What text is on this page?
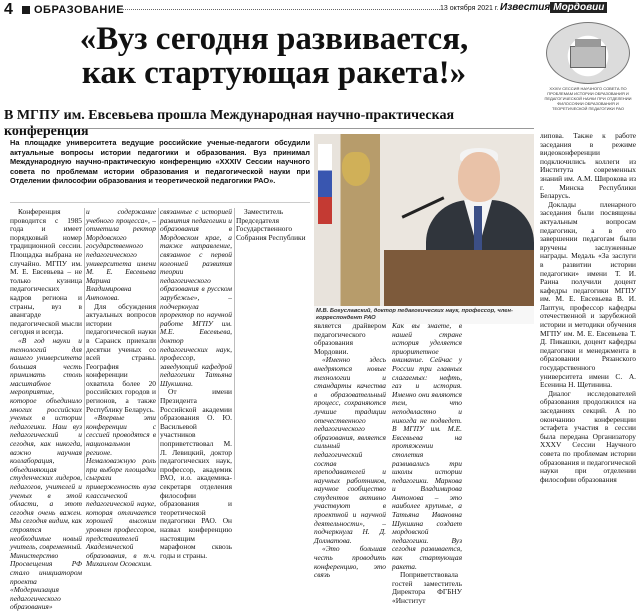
4 ОБРАЗОВАНИЕ	13 октября 2021 г. Известия Мордовии
«Вуз сегодня развивается,
как стартующая ракета!»
В МГПУ им. Евсевьева прошла Международная научно-практическая конференция
XXXIV СЕССИЯ НАУЧНОГО СОВЕТА ПО ПРОБЛЕМАМ ИСТОРИИ ОБРАЗОВАНИЯ И ПЕДАГОГИЧЕСКОЙ НАУКИ ПРИ ОТДЕЛЕНИИ ФИЛОСОФИИ ОБРАЗОВАНИЯ И ТЕОРЕТИЧЕСКОЙ ПЕДАГОГИКИ РАО
На площадке университета ведущие российские ученые-педагоги обсудили актуальные вопросы истории педагогики и образования. Вуз принимал Международную научно-практическую конференцию «XXXIV Сессии научного совета по проблемам истории образования и педагогической науки при Отделении философии образования и теоретической педагогики РАО».
М.В. Богуславский, доктор педагогических наук, профессор, член-корреспондент РАО

Конференция проводится с 1985 года и имеет порядковый номер традиционной сессии. Площадка выбрана не случайно. МГПУ им. М. Е. Евсевьева – не только кузница педагогических кадров региона и страны, вуз в авангарде педагогической мысли сегодня и всегда.

«В год науки и технологий для нашего университета большая честь принимать столь масштабное мероприятие, которое объединило многих российских ученых в истории педагогики. Наш вуз педагогический и сегодня, как никогда, важно научная коллаборация, объединяющая студенческих лидеров, педагогов, учителей и ученых в этой области, а этот сегодня очень важен. Мы сегодня видим, как строятся необходимые новый учитель, современный. Министерство Просвещения РФ стало инициатором проекта «Модернизация педагогического образования»

и содержание учебного процесса», – отметила ректор Мордовского государственного педагогического университета имени М. Е. Евсевьева Марина Владимировна Антонова.

Для обсуждения актуальных вопросов истории педагогической науки в Саранск приехали десятки ученых со всей страны. География конференции охватила более 20 российских городов и регионов, а также Республику Беларусь.

«Впервые эти конференции с сессией проводятся в национальном регионе. Немаловажную роль при выборе площадки сыграли приверженность вуза классической педагогической науке, которая отличается хорошей высоким уровнем профессоров, представителей Академической образования, в т.ч. Михаилом Осовским.

связанные с историей развития педагогики и образования в Мордовском крае, а также направление, связанное с первой колонией развития теории педагогического образования в русском зарубежье», – подчеркнула проректор по научной работе МГПУ им. М.Е. Евсевьева, доктор педагогических наук, профессор, заведующий кафедрой педагогики Татьяна Шукшина.

От имени Президента Российской академии образования О. Ю. Васильевой участников поприветствовал М. Л. Левицкий, доктор педагогических наук, профессор, академик РАО, и.о. академика-секретаря отделения философии образования и теоретической педагогики РАО. Он назвал конференцию настоящим марафоном сквозь годы и страны.

Заместитель Председателя Государственного Собрания Республики

является драйвером педагогического образования Мордовии.

«Именно здесь внедряются новые технологии и стандарты качества в образовательный процесс, сохраняются лучшие традиции отечественного педагогического образования, является сильный педагогический состав преподавателей и научных работников, научное сообщество студентов активно участвуют в проектной и научной деятельности», – подчеркнула Н. Д. Долматова.

«Это большая честь проводить конференцию, это связь

Как вы знаете, в нашей стране история уделяется приоритетное внимание. Сейчас у России три главных слагаемых: нефть, газ и история. Именно они являются тем, что неподвластно и никогда не подведет. В МГПУ им. М.Е. Евсевьева на протяжении столетия развивались три школы истории педагогики. Маркова и Владимирова Антонова – это наиболее крупные, а Татьяна Ивановна Шукшина создает мордовской педагогики. Вуз сегодня развивается, как стартующая ракета.

Поприветствовала гостей заместитель Директора ФГБНУ «Институт

липова. Также к работе заседания в режиме видеоконференции подключились коллеги из Института современных знаний им. А.М. Широкова из г. Минска Республики Беларусь.

Доклады пленарного заседания были посвящены актуальным вопросам педагогики, а в его завершении педагогам были вручены заслуженные награды. Медаль «За заслуги в развитии истории педагогики» имени Т. И. Раина получили доцент кафедры педагогики МГПУ им. М. Е. Евсевьева В. И. Лаптун, профессор кафедры отечественной и зарубежной истории и методики обучения МГПУ им. М. Е. Евсевьева Т. Д. Пикашки, доцент кафедры педагогики и менеджмента в образовании Рязанского государственного университета имени С. А. Есенина Н. Щетинина.

Диалог исследователей образования продолжился на заседаниях секций. А по окончанию конференции эстафета участия в сессии была передана Организатору XXXV Сессии Научного совета по проблемам истории образования и педагогической науки при отделении философии образования
